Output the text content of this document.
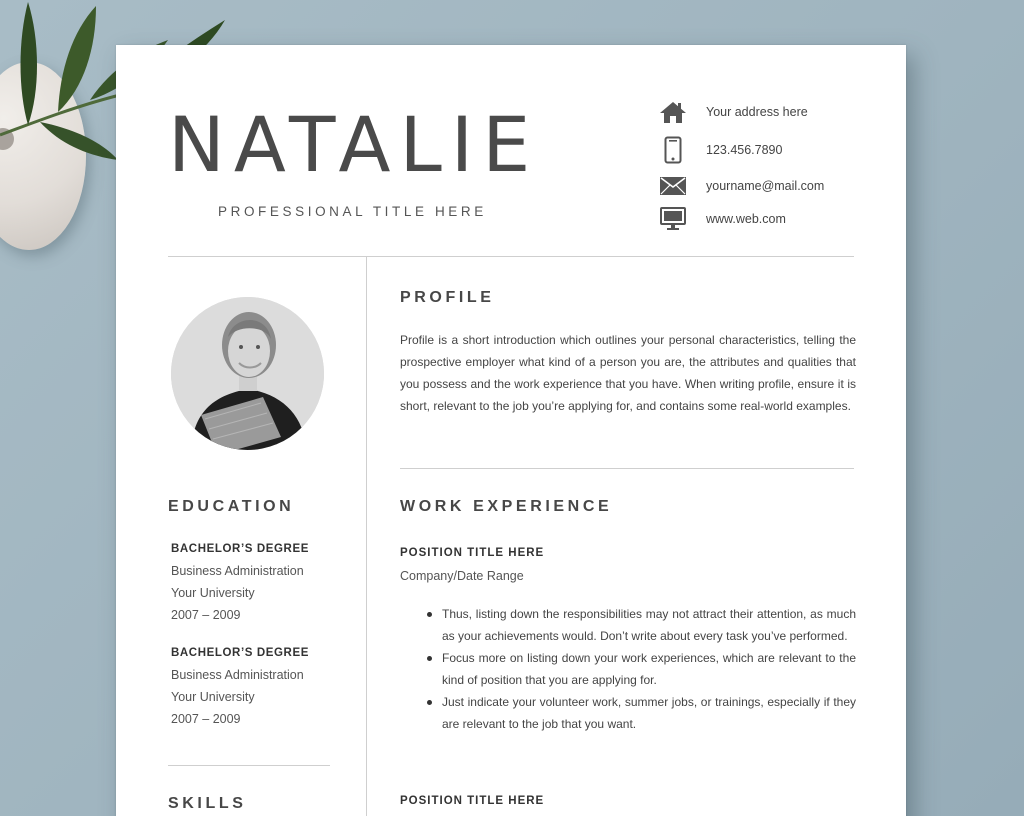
NATALIE
PROFESSIONAL TITLE HERE
Your address here
123.456.7890
yourname@mail.com
www.web.com
EDUCATION
BACHELOR’S DEGREE
Business Administration
Your University
2007 – 2009
BACHELOR’S DEGREE
Business Administration
Your University
2007 – 2009
SKILLS
PROFILE
Profile is a short introduction which outlines your personal characteristics, telling the prospective employer what kind of a person you are, the attributes and qualities that you possess and the work experience that you have. When writing profile, ensure it is short, relevant to the job you’re applying for, and contains some real-world examples.
WORK EXPERIENCE
POSITION TITLE HERE
Company/Date Range
Thus, listing down the responsibilities may not attract their attention, as much as your achievements would. Don’t write about every task you’ve performed.
Focus more on listing down your work experiences, which are relevant to the kind of position that you are applying for.
Just indicate your volunteer work, summer jobs, or trainings, especially if they are relevant to the job that you want.
POSITION TITLE HERE
